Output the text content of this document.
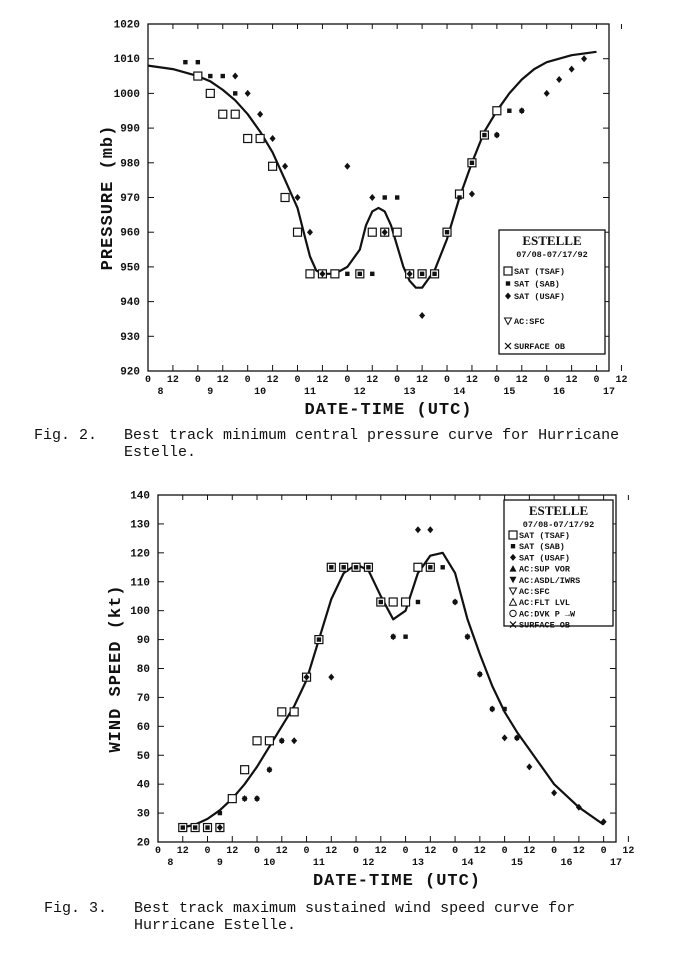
920
930
940
950
960
970
980
990
1000
1010
1020
0 12 0 12 0 12 0 12 0 12 0 12 0 12 0 12 0 12 0 12
8	9	10	11	12	13	14	15	16	17
DATE-TIME (UTC)
PRESSURE (mb)	ESTELLE
07/08-07/17/92
SAT (TSAF)
SAT (SAB)
SAT (USAF)
AC:SFC
SURFACE OB
20
30
40
50
60
70
80
90
100
110
120
130
140
0 12 0 12 0 12 0 12 0 12 0 12 0 12 0 12 0 12 0 12
8	9	10	11	12	13	14	15	16	17
DATE-TIME (UTC)
WIND SPEED (kt)
ESTELLE
07/08-07/17/92
SAT (TSAF)
SAT (SAB)
SAT (USAF)
AC:SUP VOR
AC:ASDL/IWRS
AC:SFC
AC:FLT LVL
AC:DVK P →W
SURFACE OB
Fig. 2.   Best track minimum central pressure curve for Hurricane
Estelle.
Fig. 3.   Best track maximum sustained wind speed curve for
Hurricane Estelle.
